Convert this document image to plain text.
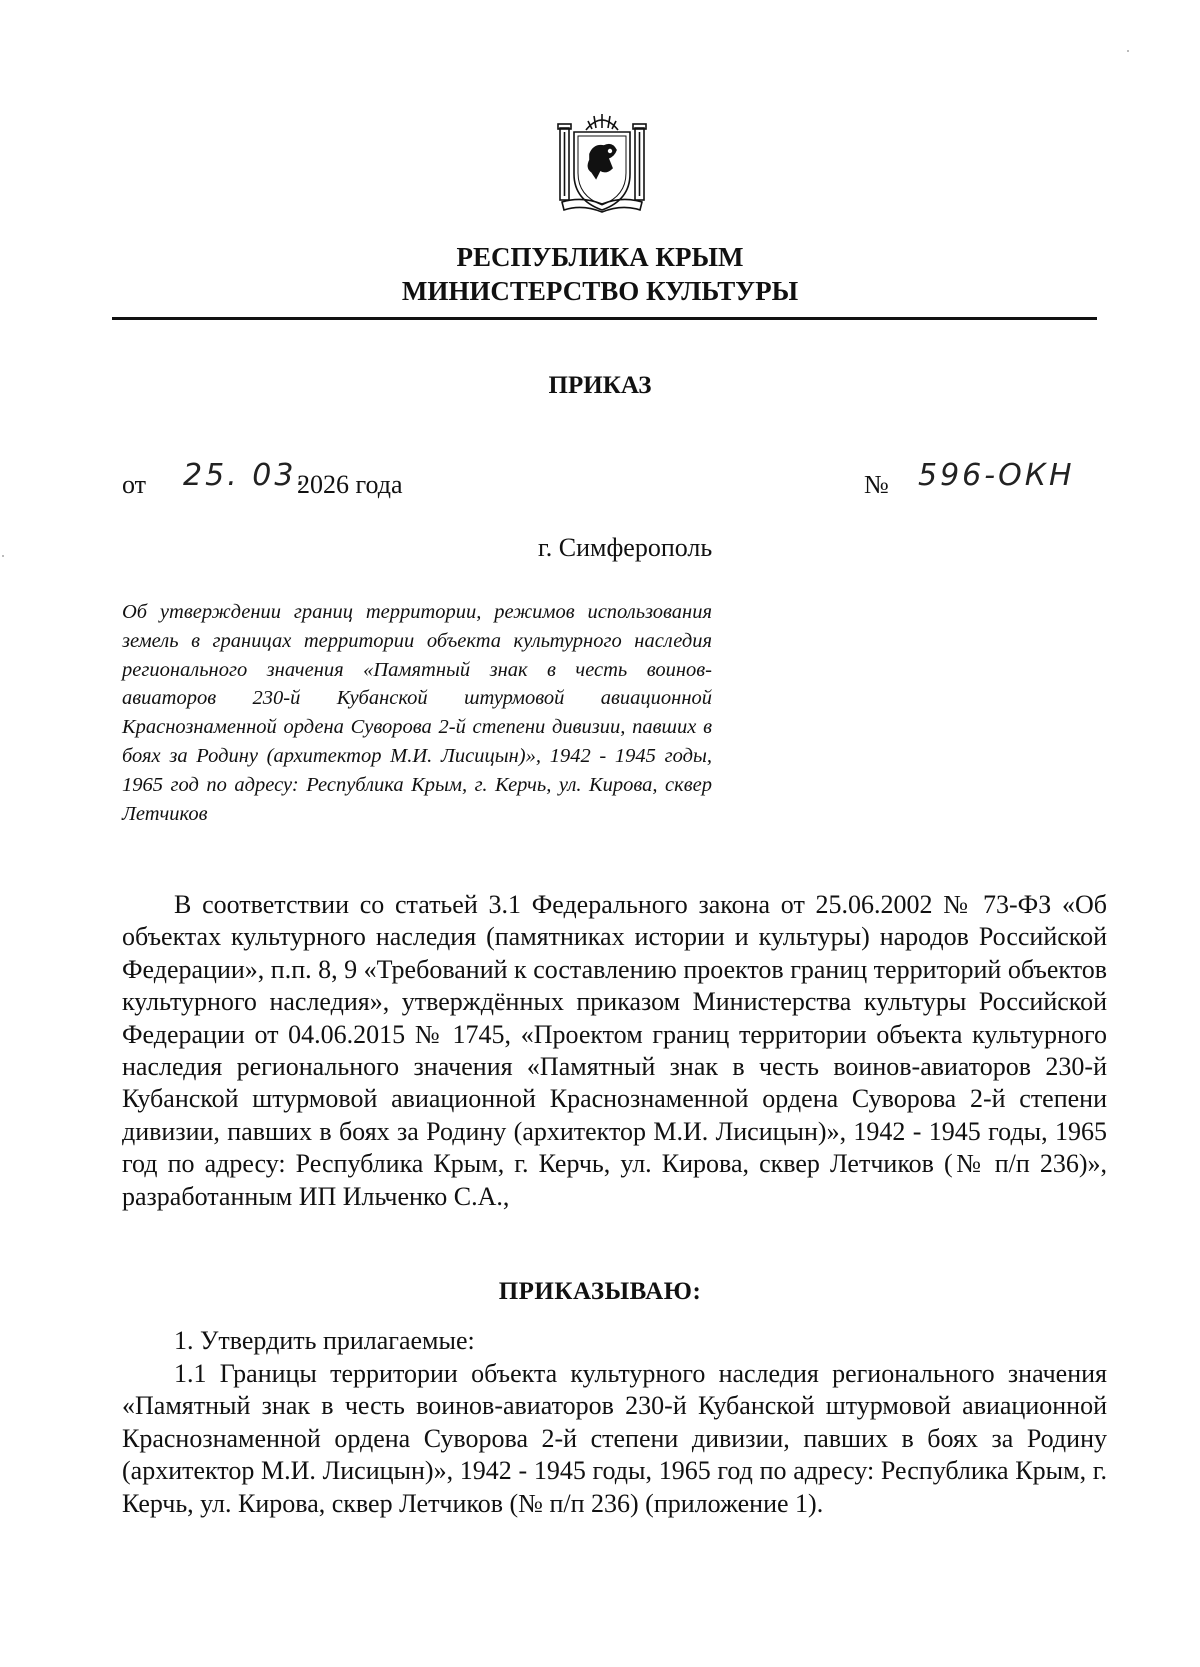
РЕСПУБЛИКА КРЫМ
МИНИСТЕРСТВО КУЛЬТУРЫ
ПРИКАЗ
от 25. 03.
2026 года	№ 596-ОКН
г. Симферополь
Об утверждении границ территории, режимов использования земель в границах территории объекта культурного наследия регионального значения «Памятный знак в честь воинов-авиаторов 230-й Кубанской штурмовой авиационной Краснознаменной ордена Суворова 2-й степени дивизии, павших в боях за Родину (архитектор М.И. Лисицын)», 1942 - 1945 годы, 1965 год по адресу: Республика Крым, г. Керчь, ул. Кирова, сквер Летчиков
В соответствии со статьей 3.1 Федерального закона от 25.06.2002 № 73-ФЗ «Об объектах культурного наследия (памятниках истории и культуры) народов Российской Федерации», п.п. 8, 9 «Требований к составлению проектов границ территорий объектов культурного наследия», утверждённых приказом Министерства культуры Российской Федерации от 04.06.2015 № 1745, «Проектом границ территории объекта культурного наследия регионального значения «Памятный знак в честь воинов-авиаторов 230-й Кубанской штурмовой авиационной Краснознаменной ордена Суворова 2-й степени дивизии, павших в боях за Родину (архитектор М.И. Лисицын)», 1942 - 1945 годы, 1965 год по адресу: Республика Крым, г. Керчь, ул. Кирова, сквер Летчиков (№ п/п 236)», разработанным ИП Ильченко С.А.,
ПРИКАЗЫВАЮ:
1. Утвердить прилагаемые:
1.1 Границы территории объекта культурного наследия регионального значения «Памятный знак в честь воинов-авиаторов 230-й Кубанской штурмовой авиационной Краснознаменной ордена Суворова 2-й степени дивизии, павших в боях за Родину (архитектор М.И. Лисицын)», 1942 - 1945 годы, 1965 год по адресу: Республика Крым, г. Керчь, ул. Кирова, сквер Летчиков (№ п/п 236) (приложение 1).
